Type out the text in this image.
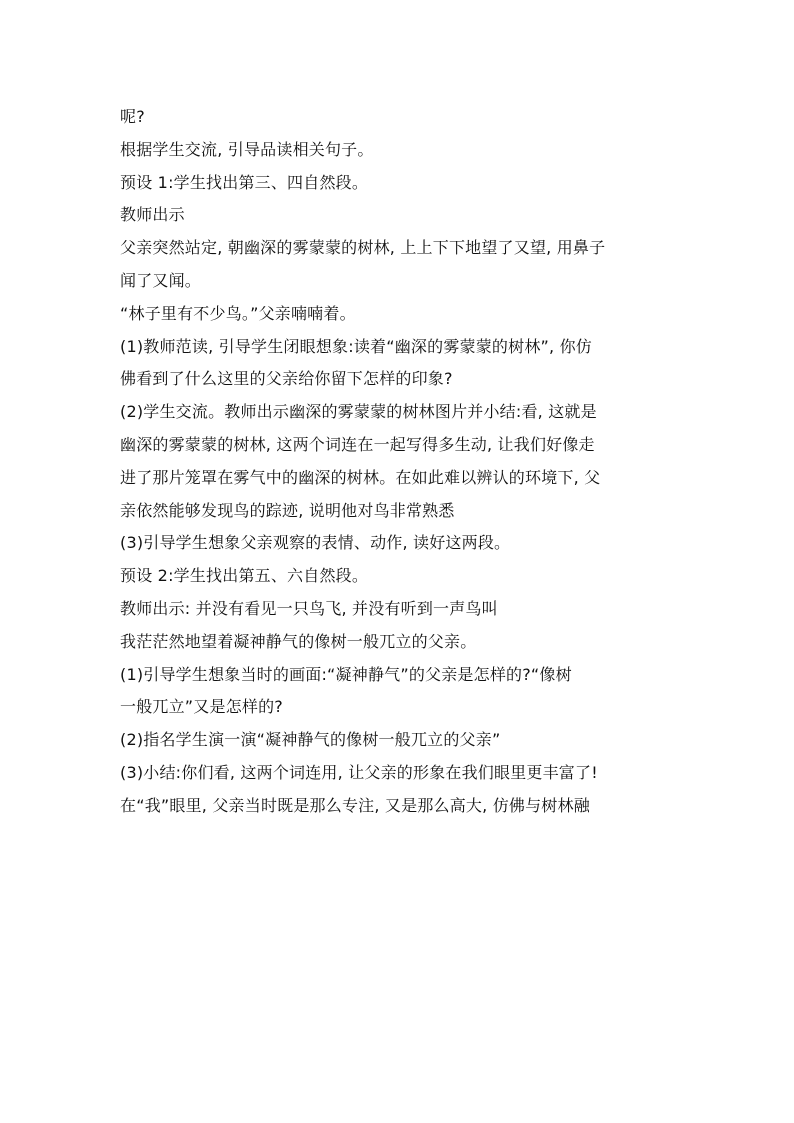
呢?
根据学生交流, 引导品读相关句子。
预设 1:学生找出第三、四自然段。
教师出示
父亲突然站定, 朝幽深的雾蒙蒙的树林, 上上下下地望了又望, 用鼻子
闻了又闻。
“林子里有不少鸟。”父亲喃喃着。
(1)教师范读, 引导学生闭眼想象:读着“幽深的雾蒙蒙的树林”, 你仿
佛看到了什么这里的父亲给你留下怎样的印象?
(2)学生交流。教师出示幽深的雾蒙蒙的树林图片并小结:看, 这就是
幽深的雾蒙蒙的树林, 这两个词连在一起写得多生动, 让我们好像走
进了那片笼罩在雾气中的幽深的树林。在如此难以辨认的环境下, 父
亲依然能够发现鸟的踪迹, 说明他对鸟非常熟悉
(3)引导学生想象父亲观察的表情、动作, 读好这两段。
预设 2:学生找出第五、六自然段。
教师出示: 并没有看见一只鸟飞, 并没有听到一声鸟叫
我茫茫然地望着凝神静气的像树一般兀立的父亲。
(1)引导学生想象当时的画面:“凝神静气”的父亲是怎样的?“像树
一般兀立”又是怎样的?
(2)指名学生演一演“凝神静气的像树一般兀立的父亲”
(3)小结:你们看, 这两个词连用, 让父亲的形象在我们眼里更丰富了!
在“我”眼里, 父亲当时既是那么专注, 又是那么高大, 仿佛与树林融
